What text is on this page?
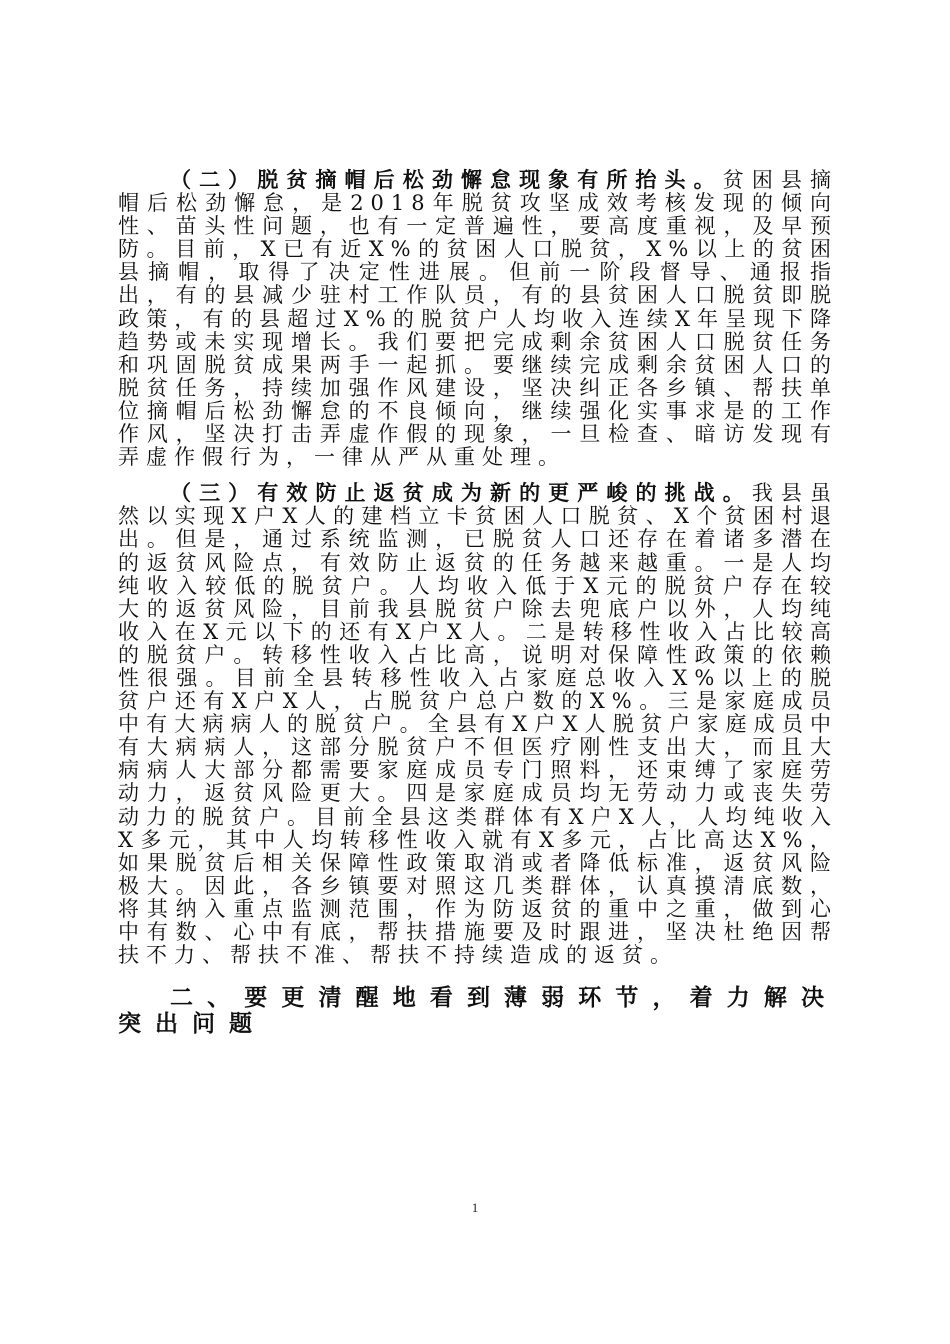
（二）脱贫摘帽后松劲懈怠现象有所抬头。贫困县摘帽后松劲懈怠，是2018年脱贫攻坚成效考核发现的倾向性、苗头性问题，也有一定普遍性，要高度重视，及早预防。目前，X已有近X%的贫困人口脱贫，X%以上的贫困县摘帽，取得了决定性进展。但前一阶段督导、通报指出，有的县减少驻村工作队员，有的县贫困人口脱贫即脱政策，有的县超过X%的脱贫户人均收入连续X年呈现下降趋势或未实现增长。我们要把完成剩余贫困人口脱贫任务和巩固脱贫成果两手一起抓。要继续完成剩余贫困人口的脱贫任务，持续加强作风建设，坚决纠正各乡镇、帮扶单位摘帽后松劲懈怠的不良倾向，继续强化实事求是的工作作风，坚决打击弄虚作假的现象，一旦检查、暗访发现有弄虚作假行为，一律从严从重处理。

（三）有效防止返贫成为新的更严峻的挑战。我县虽然以实现X户X人的建档立卡贫困人口脱贫、X个贫困村退出。但是，通过系统监测，已脱贫人口还存在着诸多潜在的返贫风险点，有效防止返贫的任务越来越重。一是人均纯收入较低的脱贫户。人均收入低于X元的脱贫户存在较大的返贫风险，目前我县脱贫户除去兜底户以外，人均纯收入在X元以下的还有X户X人。二是转移性收入占比较高的脱贫户。转移性收入占比高，说明对保障性政策的依赖性很强。目前全县转移性收入占家庭总收入X%以上的脱贫户还有X户X人，占脱贫户总户数的X%。三是家庭成员中有大病病人的脱贫户。全县有X户X人脱贫户家庭成员中有大病病人，这部分脱贫户不但医疗刚性支出大，而且大病病人大部分都需要家庭成员专门照料，还束缚了家庭劳动力，返贫风险更大。四是家庭成员均无劳动力或丧失劳动力的脱贫户。目前全县这类群体有X户X人，人均纯收入X多元，其中人均转移性收入就有X多元，占比高达X%，如果脱贫后相关保障性政策取消或者降低标准，返贫风险极大。因此，各乡镇要对照这几类群体，认真摸清底数，将其纳入重点监测范围，作为防返贫的重中之重，做到心中有数、心中有底，帮扶措施要及时跟进，坚决杜绝因帮扶不力、帮扶不准、帮扶不持续造成的返贫。

二、要更清醒地看到薄弱环节，着力解决突出问题

1
